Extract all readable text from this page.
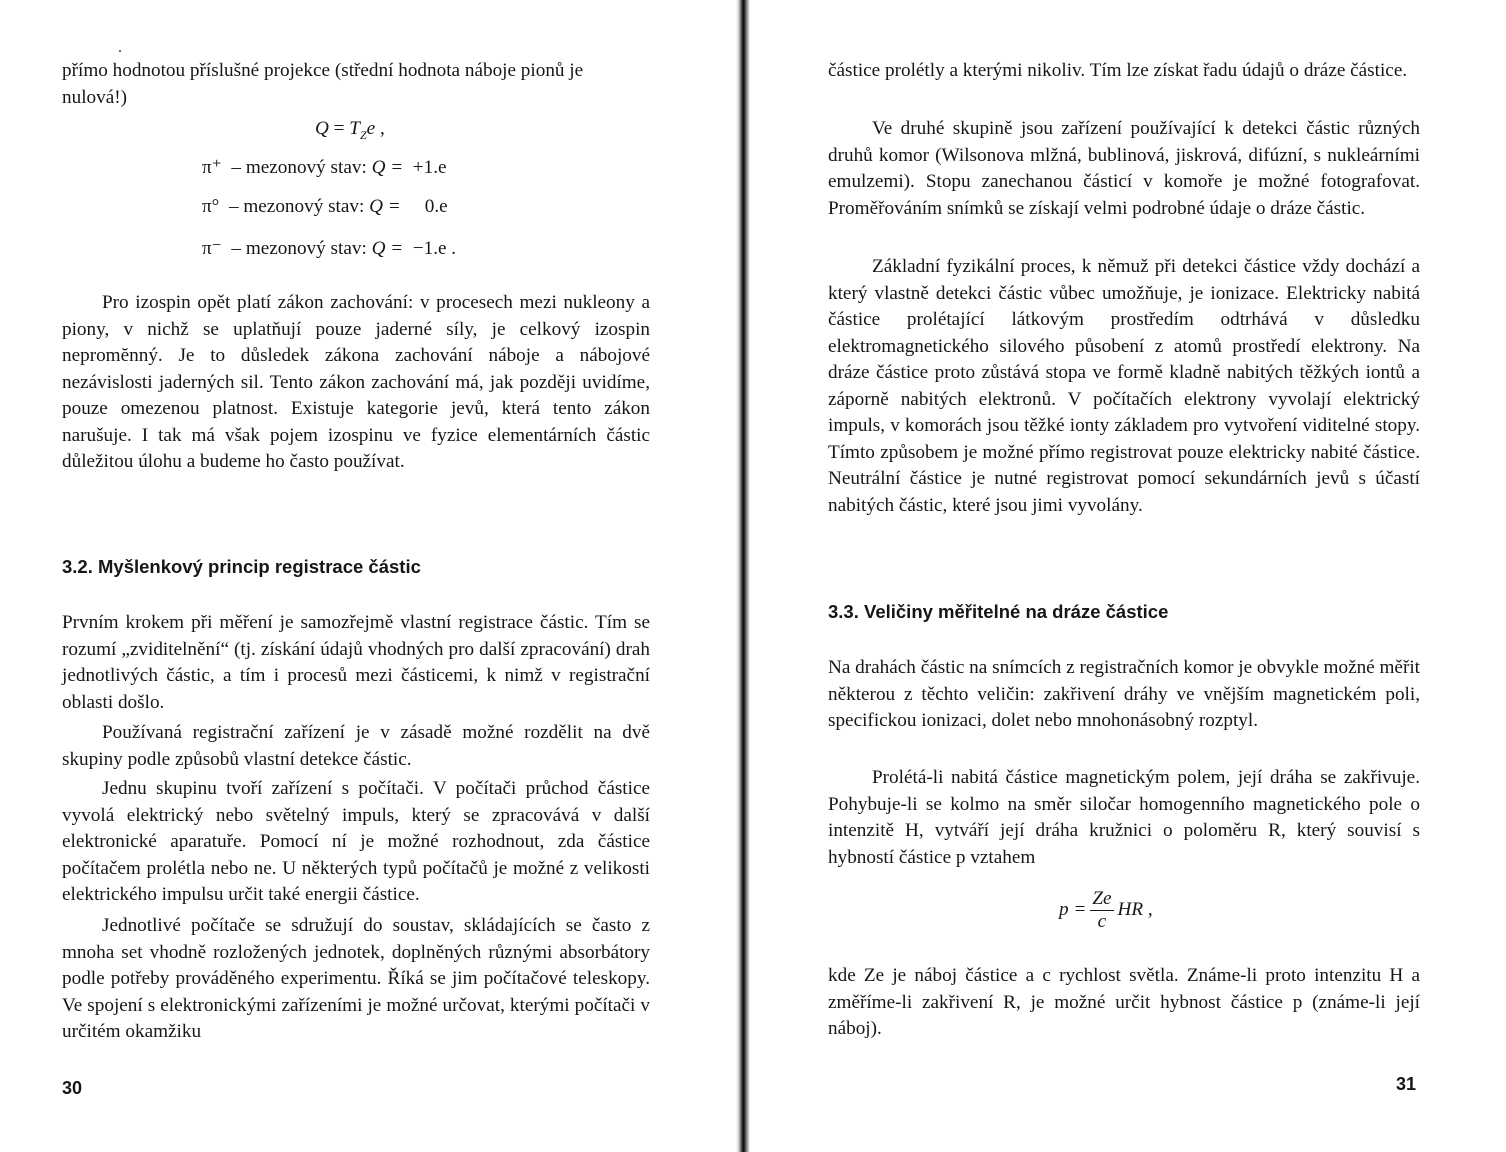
přímo hodnotou příslušné projekce (střední hodnota náboje pionů je nulová!)

$Q = T_Ze$ ,
π⁺ – mezonový stav: Q = +1.e
π° – mezonový stav: Q = 0.e
π⁻ – mezonový stav: Q = −1.e .

Pro izospin opět platí zákon zachování: v procesech mezi nukleony a piony, v nichž se uplatňují pouze jaderné síly, je celkový izospin nepromĕnný. Je to důsledek zákona zachování náboje a nábojové nezávislosti jaderných sil. Tento zákon zachování má, jak později uvidíme, pouze omezenou platnost. Existuje kategorie jevů, která tento zákon narušuje. I tak má však pojem izospinu ve fyzice elementárních částic důležitou úlohu a budeme ho často používat.

3.2. Myšlenkový princip registrace částic

Prvním krokem při měření je samozřejmě vlastní registrace částic. Tím se rozumí „zviditelnění“ (tj. získání údajů vhodných pro další zpracování) drah jednotlivých částic, a tím i procesů mezi částicemi, k nimž v registrační oblasti došlo.

Používaná registrační zařízení je v zásadě možné rozdělit na dvě skupiny podle způsobů vlastní detekce částic.

Jednu skupinu tvoří zařízení s počítači. V počítači průchod částice vyvolá elektrický nebo světelný impuls, který se zpracovává v další elektronické aparatuře. Pomocí ní je možné rozhodnout, zda částice počítačem prolétla nebo ne. U některých typů počítačů je možné z velikosti elektrického impulsu určit také energii částice.

Jednotlivé počítače se sdružují do soustav, skládajících se často z mnoha set vhodně rozložených jednotek, doplněných různými absorbátory podle potřeby prováděného experimentu. Říká se jim počítačové teleskopy. Ve spojení s elektronickými zařízeními je možné určovat, kterými počítači v určitém okamžiku

30

částice prolétly a kterými nikoliv. Tím lze získat řadu údajů o dráze částice.

Ve druhé skupině jsou zařízení používající k detekci částic různých druhů komor (Wilsonova mlžná, bublinová, jiskrová, difúzní, s nukleárními emulzemi). Stopu zanechanou částicí v komoře je možné fotografovat. Proměřováním snímků se získají velmi podrobné údaje o dráze částic.

Základní fyzikální proces, k němuž při detekci částice vždy dochází a který vlastně detekci částic vůbec umožňuje, je ionizace. Elektricky nabitá částice prolétající látkovým prostředím odtrhává v důsledku elektromagnetického silového působení z atomů prostředí elektrony. Na dráze částice proto zůstává stopa ve formě kladně nabitých těžkých iontů a záporně nabitých elektronů. V počítačích elektrony vyvolají elektrický impuls, v komorách jsou těžké ionty základem pro vytvoření viditelné stopy. Tímto způsobem je možné přímo registrovat pouze elektricky nabité částice. Neutrální částice je nutné registrovat pomocí sekundárních jevů s účastí nabitých částic, které jsou jimi vyvolány.

3.3. Veličiny měřitelné na dráze částice

Na drahách částic na snímcích z registračních komor je obvykle možné měřit některou z těchto veličin: zakřivení dráhy ve vnějším magnetickém poli, specifickou ionizaci, dolet nebo mnohonásobný rozptyl.

Prolétá-li nabitá částice magnetickým polem, její dráha se zakřivuje. Pohybuje-li se kolmo na směr siločar homogenního magnetického pole o intenzitě H, vytváří její dráha kružnici o poloměru R, který souvisí s hybností částice p vztahem

$p = \frac{Ze}{c}$ HR ,

kde Ze je náboj částice a c rychlost světla. Známe-li proto intenzitu H a změříme-li zakřivení R, je možné určit hybnost částice p (známe-li její náboj).

31
